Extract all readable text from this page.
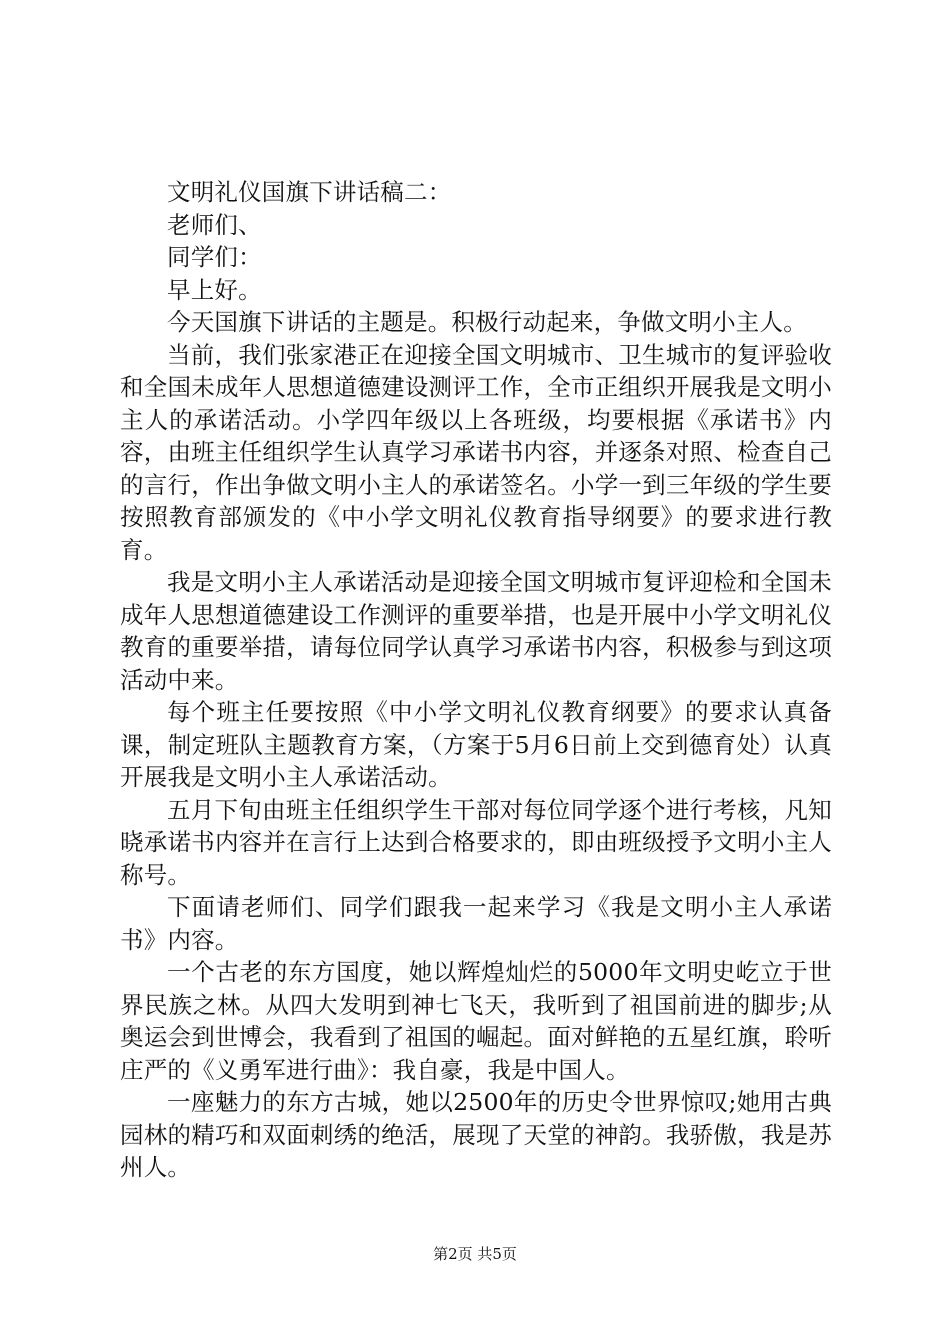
文明礼仪国旗下讲话稿二：

老师们、

同学们：

早上好。

今天国旗下讲话的主题是。积极行动起来，争做文明小主人。

当前，我们张家港正在迎接全国文明城市、卫生城市的复评验收和全国未成年人思想道德建设测评工作，全市正组织开展我是文明小主人的承诺活动。小学四年级以上各班级，均要根据《承诺书》内容，由班主任组织学生认真学习承诺书内容，并逐条对照、检查自己的言行，作出争做文明小主人的承诺签名。小学一到三年级的学生要按照教育部颁发的《中小学文明礼仪教育指导纲要》的要求进行教育。

我是文明小主人承诺活动是迎接全国文明城市复评迎检和全国未成年人思想道德建设工作测评的重要举措，也是开展中小学文明礼仪教育的重要举措，请每位同学认真学习承诺书内容，积极参与到这项活动中来。

每个班主任要按照《中小学文明礼仪教育纲要》的要求认真备课，制定班队主题教育方案，（方案于5月6日前上交到德育处）认真开展我是文明小主人承诺活动。

五月下旬由班主任组织学生干部对每位同学逐个进行考核，凡知晓承诺书内容并在言行上达到合格要求的，即由班级授予文明小主人称号。

下面请老师们、同学们跟我一起来学习《我是文明小主人承诺书》内容。

一个古老的东方国度，她以辉煌灿烂的5000年文明史屹立于世界民族之林。从四大发明到神七飞天，我听到了祖国前进的脚步;从奥运会到世博会，我看到了祖国的崛起。面对鲜艳的五星红旗，聆听庄严的《义勇军进行曲》：我自豪，我是中国人。

一座魅力的东方古城，她以2500年的历史令世界惊叹;她用古典园林的精巧和双面刺绣的绝活，展现了天堂的神韵。我骄傲，我是苏州人。

第2页 共5页
